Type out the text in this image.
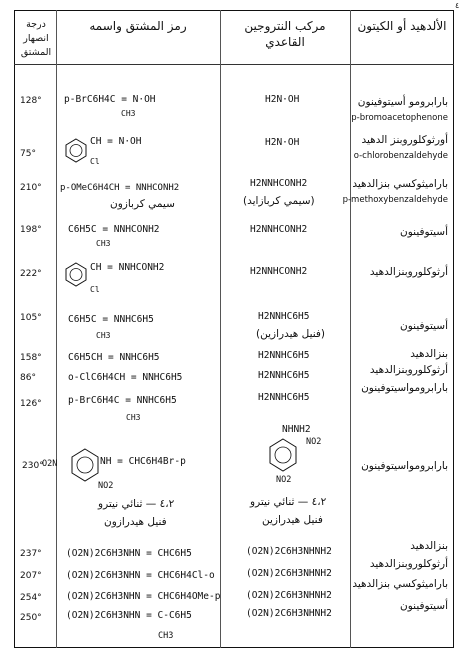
٤
الألدهيد أو الكيتون
مركب النتروجين القاعدي
رمز المشتق واسمه
درجة انصهار المشتق
بارابرومو أسيتوفينون
p-bromoacetophenone
H2N·OH
p-BrC6H4C = N·OH
CH3
128°
أورثوكلوروبنز الدهيد
o-chlorobenzaldehyde
H2N·OH
CH = N·OH
Cl
75°
باراميثوكسي بنزالدهيد
p-methoxybenzaldehyde
H2NNHCONH2
(سيمي كربازايد)
p-OMeC6H4CH = NNHCONH2
سيمي كربازون
210°
أسيتوفينون
H2NNHCONH2
C6H5C = NNHCONH2
CH3
198°
أرثوكلوروبنزالدهيد
H2NNHCONH2
CH = NNHCONH2
Cl
222°
أسيتوفينون
H2NNHC6H5
(فنيل هيدرازين)
C6H5C = NNHC6H5
CH3
105°
بنزالدهيد
H2NNHC6H5
C6H5CH = NNHC6H5
158°
أرثوكلوروبنزالدهيد
H2NNHC6H5
o-ClC6H4CH = NNHC6H5
86°
بارابرومواسيتوفينون
H2NNHC6H5
p-BrC6H4C = NNHC6H5
CH3
126°
بارابرومواسيتوفينون
NHNH2
NO2
NO2
O2N	NH = CHC6H4Br-p
NO2
230°
٤،٢ — ثنائي نيترو
فنيل هيدرازين
٤،٢ — ثنائي نيترو
فنيل هيدرازون
بنزالدهيد
(O2N)2C6H3NHNH2
(O2N)2C6H3NHN = CHC6H5
237°
أرثوكلوروبنزالدهيد
(O2N)2C6H3NHNH2
(O2N)2C6H3NHN = CHC6H4Cl-o
207°
باراميثوكسي بنزالدهيد
(O2N)2C6H3NHNH2
(O2N)2C6H3NHN = CHC6H4OMe-p
254°
أسيتوفينون
(O2N)2C6H3NHNH2
(O2N)2C6H3NHN = C-C6H5
CH3
250°
